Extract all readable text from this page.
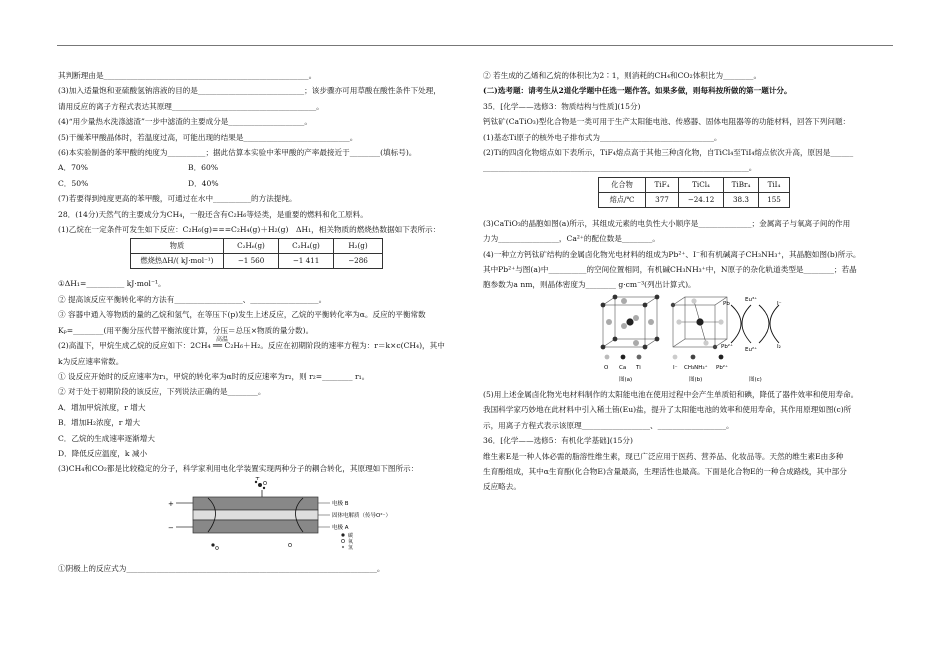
其判断理由是______________________________________________________。
(3)加入适量饱和亚硫酸氢钠溶液的目的是____________________________；该步骤亦可用草酸在酸性条件下处理，
请用反应的离子方程式表达其原理______________________________________。
(4)“用少量热水洗涤滤渣”一步中滤渣的主要成分是____________________。
(5)干燥苯甲酸晶体时，若温度过高，可能出现的结果是____________________________。
(6)本实验制备的苯甲酸的纯度为__________；据此估算本实验中苯甲酸的产率最接近于________(填标号)。
A．70%	B．60%
C．50%	D．40%
(7)若要得到纯度更高的苯甲酸，可通过在水中__________的方法提纯。
28．(14分)天然气的主要成分为CH₄，一般还含有C₂H₆等烃类，是重要的燃料和化工原料。
(1)乙烷在一定条件可发生如下反应：C₂H₆(g)===C₂H₄(g)＋H₂(g)　ΔH₁，相关物质的燃烧热数据如下表所示：
物质	C₂H₆(g)	C₂H₄(g)	H₂(g)
燃烧热ΔH/( kJ·mol⁻¹)	−1 560	−1 411	−286
①ΔH₁=__________ kJ·mol⁻¹。
② 提高该反应平衡转化率的方法有__________________、__________________。
③ 容器中通入等物质的量的乙烷和氢气，在等压下(p)发生上述反应，乙烷的平衡转化率为α。反应的平衡常数
Kₚ=________(用平衡分压代替平衡浓度计算，分压＝总压×物质的量分数)。
(2)高温下，甲烷生成乙烷的反应如下：2CH₄ ══ C₂H₆＋H₂。反应在初期阶段的速率方程为：r＝k×c(CH₄)，其中
高温
k为反应速率常数。
① 设反应开始时的反应速率为r₁，甲烷的转化率为α时的反应速率为r₂，则 r₂=________ r₁。
② 对于处于初期阶段的该反应，下列说法正确的是________。
A．增加甲烷浓度，r 增大
B．增加H₂浓度，r 增大
C．乙烷的生成速率逐渐增大
D．降低反应温度，k 减小
(3)CH₄和CO₂都是比较稳定的分子，科学家利用电化学装置实现两种分子的耦合转化，其原理如下图所示：
+
+
−
电极 B
固体电解质（传导O²⁻）
电极 A
碳
氧
氢
①阴极上的反应式为__________________________________________________________________。
② 若生成的乙烯和乙烷的体积比为2∶1，则消耗的CH₄和CO₂体积比为________。
(二)选考题：请考生从2道化学题中任选一题作答。如果多做，则每科按所做的第一题计分。
35．[化学——选修3：物质结构与性质](15分)
钙钛矿(CaTiO₃)型化合物是一类可用于生产太阳能电池、传感器、固体电阻器等的功能材料，回答下列问题：
(1)基态Ti原子的核外电子排布式为______________________________。
(2)Ti的四卤化物熔点如下表所示，TiF₄熔点高于其他三种卤化物，自TiCl₄至TiI₄熔点依次升高，原因是______
______________________________________________________________________。
化合物	TiF₄	TiCl₄	TiBr₄	TiI₄
熔点/℃	377	−24.12	38.3	155
(3)CaTiO₃的晶胞如图(a)所示，其组成元素的电负性大小顺序是______________；金属离子与氧离子间的作用
力为________________，Ca²⁺的配位数是________。
(4)一种立方钙钛矿结构的金属卤化物光电材料的组成为Pb²⁺、I⁻和有机碱离子CH₃NH₃⁺，其晶胞如图(b)所示。
其中Pb²⁺与图(a)中__________的空间位置相同，有机碱CH₃NH₃⁺中，N原子的杂化轨道类型是________；若晶
胞参数为a nm，则晶体密度为________ g·cm⁻³(列出计算式)。
O Ca Ti
图(a)
I⁻ CH₃NH₃⁺ Pb²⁺
图(b)
Pb
Eu³⁺
I⁻
Pb²⁺ Eu²⁺	I₂
图(c)
(5)用上述金属卤化物光电材料制作的太阳能电池在使用过程中会产生单质铅和碘，降低了器件效率和使用寿命。
我国科学家巧妙地在此材料中引入稀土铕(Eu)盐，提升了太阳能电池的效率和使用寿命，其作用原理如图(c)所
示，用离子方程式表示该原理__________________、__________________。
36．[化学——选修5：有机化学基础](15分)
维生素E是一种人体必需的脂溶性维生素，现已广泛应用于医药、营养品、化妆品等。天然的维生素E由多种
生育酚组成，其中α生育酚(化合物E)含量最高，生理活性也最高。下面是化合物E的一种合成路线，其中部分
反应略去。
